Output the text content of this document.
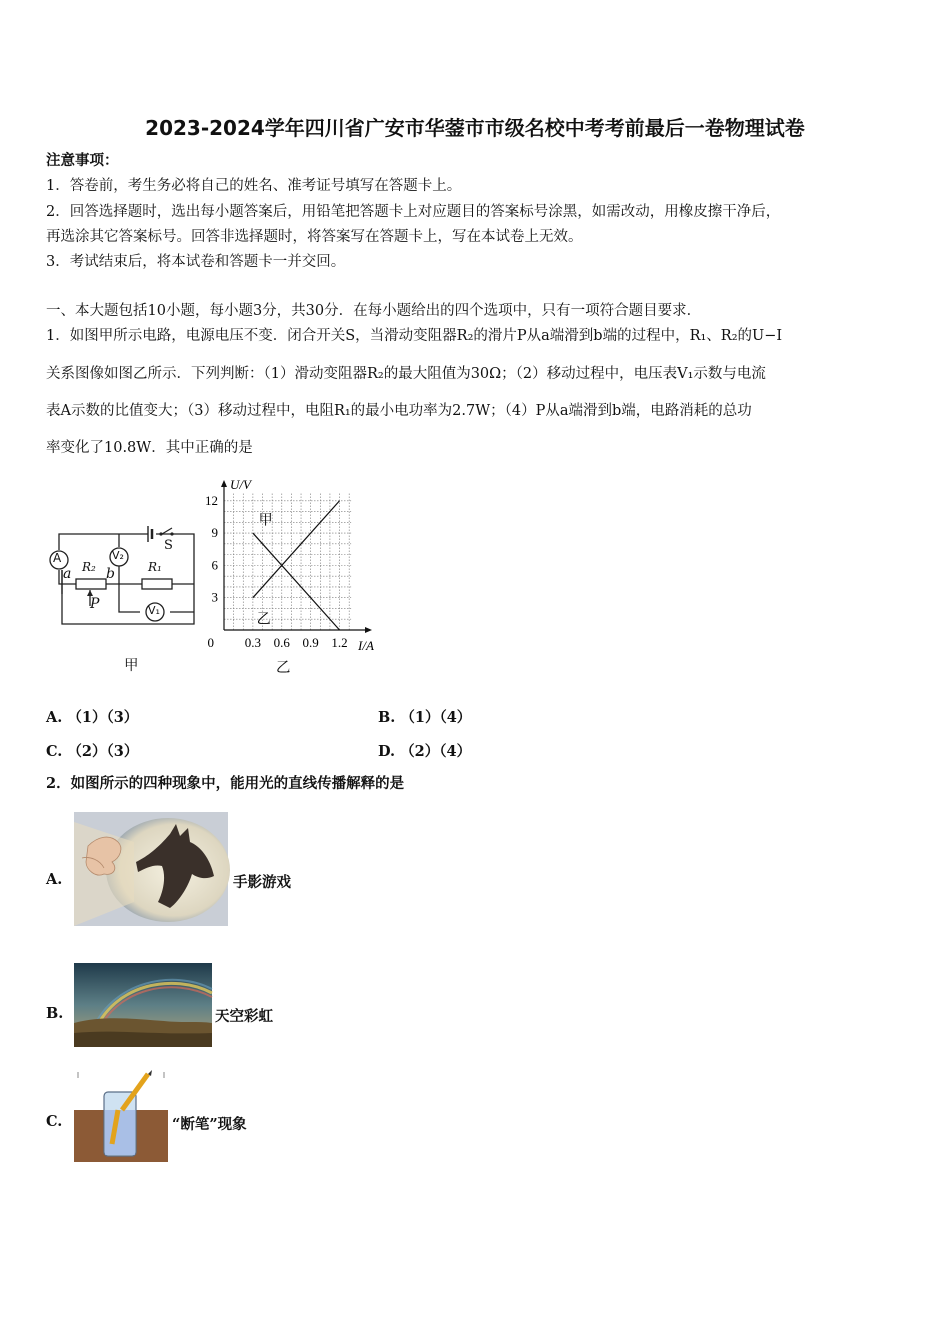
2023-2024学年四川省广安市华蓥市市级名校中考考前最后一卷物理试卷
注意事项：
1．答卷前，考生务必将自己的姓名、准考证号填写在答题卡上。
2．回答选择题时，选出每小题答案后，用铅笔把答题卡上对应题目的答案标号涂黑，如需改动，用橡皮擦干净后，
再选涂其它答案标号。回答非选择题时，将答案写在答题卡上，写在本试卷上无效。
3．考试结束后，将本试卷和答题卡一并交回。
一、本大题包括10小题，每小题3分，共30分．在每小题给出的四个选项中，只有一项符合题目要求．
1．如图甲所示电路，电源电压不变．闭合开关S，当滑动变阻器R₂的滑片P从a端滑到b端的过程中，R₁、R₂的U−I
关系图像如图乙所示．下列判断：（1）滑动变阻器R₂的最大阻值为30Ω；（2）移动过程中，电压表V₁示数与电流
表A示数的比值变大；（3）移动过程中，电阻R₁的最小电功率为2.7W；（4）P从a端滑到b端，电路消耗的总功
率变化了10.8W．其中正确的是
A	V₂
V₁
S
a b
R₂	R₁
P
0.3 0.6 0.9 1.2
3
6
9
12
0	I/A
U/V
甲
乙
甲	乙
A. （1）（3）	B. （1）（4）
C. （2）（3）	D. （2）（4）
2．如图所示的四种现象中，能用光的直线传播解释的是
A.	手影游戏
B.	天空彩虹
C.	“断笔”现象
